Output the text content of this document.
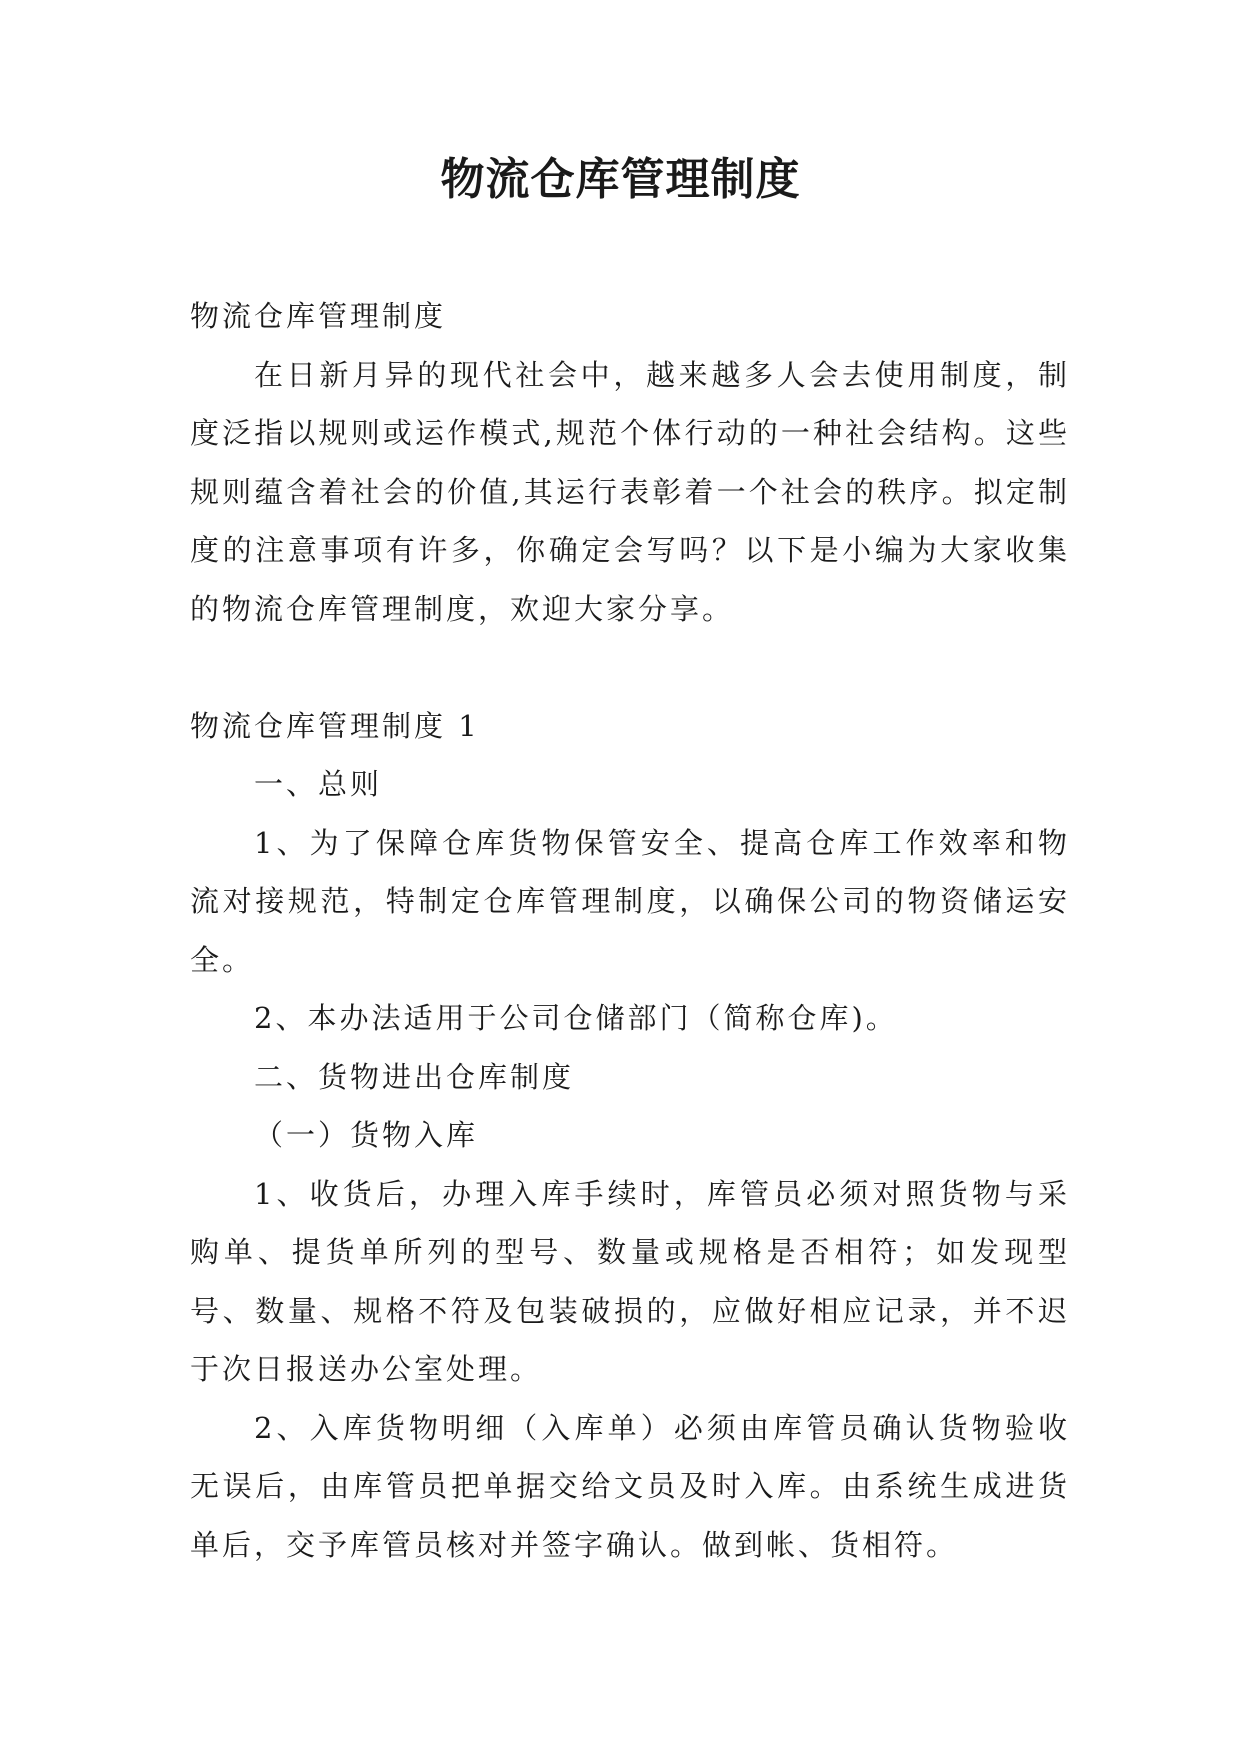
物流仓库管理制度

物流仓库管理制度

在日新月异的现代社会中，越来越多人会去使用制度，制度泛指以规则或运作模式,规范个体行动的一种社会结构。这些规则蕴含着社会的价值,其运行表彰着一个社会的秩序。拟定制度的注意事项有许多，你确定会写吗？以下是小编为大家收集的物流仓库管理制度，欢迎大家分享。

物流仓库管理制度 1

一、总则

1、为了保障仓库货物保管安全、提高仓库工作效率和物流对接规范，特制定仓库管理制度，以确保公司的物资储运安全。

2、本办法适用于公司仓储部门（简称仓库)。

二、货物进出仓库制度

（一）货物入库

1、收货后，办理入库手续时，库管员必须对照货物与采购单、提货单所列的型号、数量或规格是否相符；如发现型号、数量、规格不符及包装破损的，应做好相应记录，并不迟于次日报送办公室处理。

2、入库货物明细（入库单）必须由库管员确认货物验收无误后，由库管员把单据交给文员及时入库。由系统生成进货单后，交予库管员核对并签字确认。做到帐、货相符。
